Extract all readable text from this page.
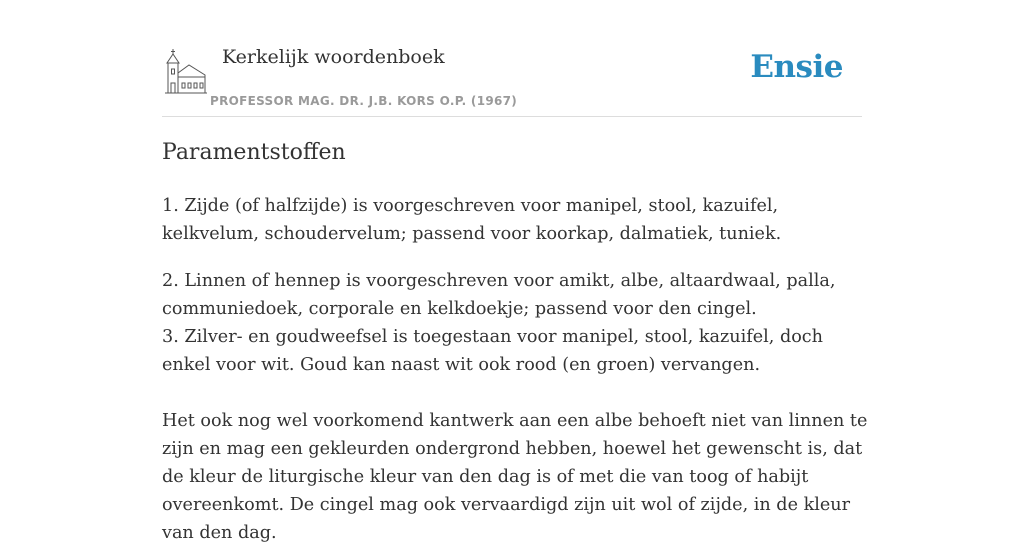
Kerkelijk woordenboek
PROFESSOR MAG. DR. J.B. KORS O.P. (1967)
Ensie
Paramentstoffen

1. Zijde (of halfzijde) is voorgeschreven voor manipel, stool, kazuifel, kelkvelum, schoudervelum; passend voor koorkap, dalmatiek, tuniek.

2. Linnen of hennep is voorgeschreven voor amikt, albe, altaardwaal, palla, communiedoek, corporale en kelkdoekje; passend voor den cingel.

3. Zilver- en goudweefsel is toegestaan voor manipel, stool, kazuifel, doch enkel voor wit. Goud kan naast wit ook rood (en groen) vervangen.

Het ook nog wel voorkomend kantwerk aan een albe behoeft niet van linnen te zijn en mag een gekleurden ondergrond hebben, hoewel het gewenscht is, dat de kleur de liturgische kleur van den dag is of met die van toog of habijt overeenkomt. De cingel mag ook vervaardigd zijn uit wol of zijde, in de kleur van den dag.
